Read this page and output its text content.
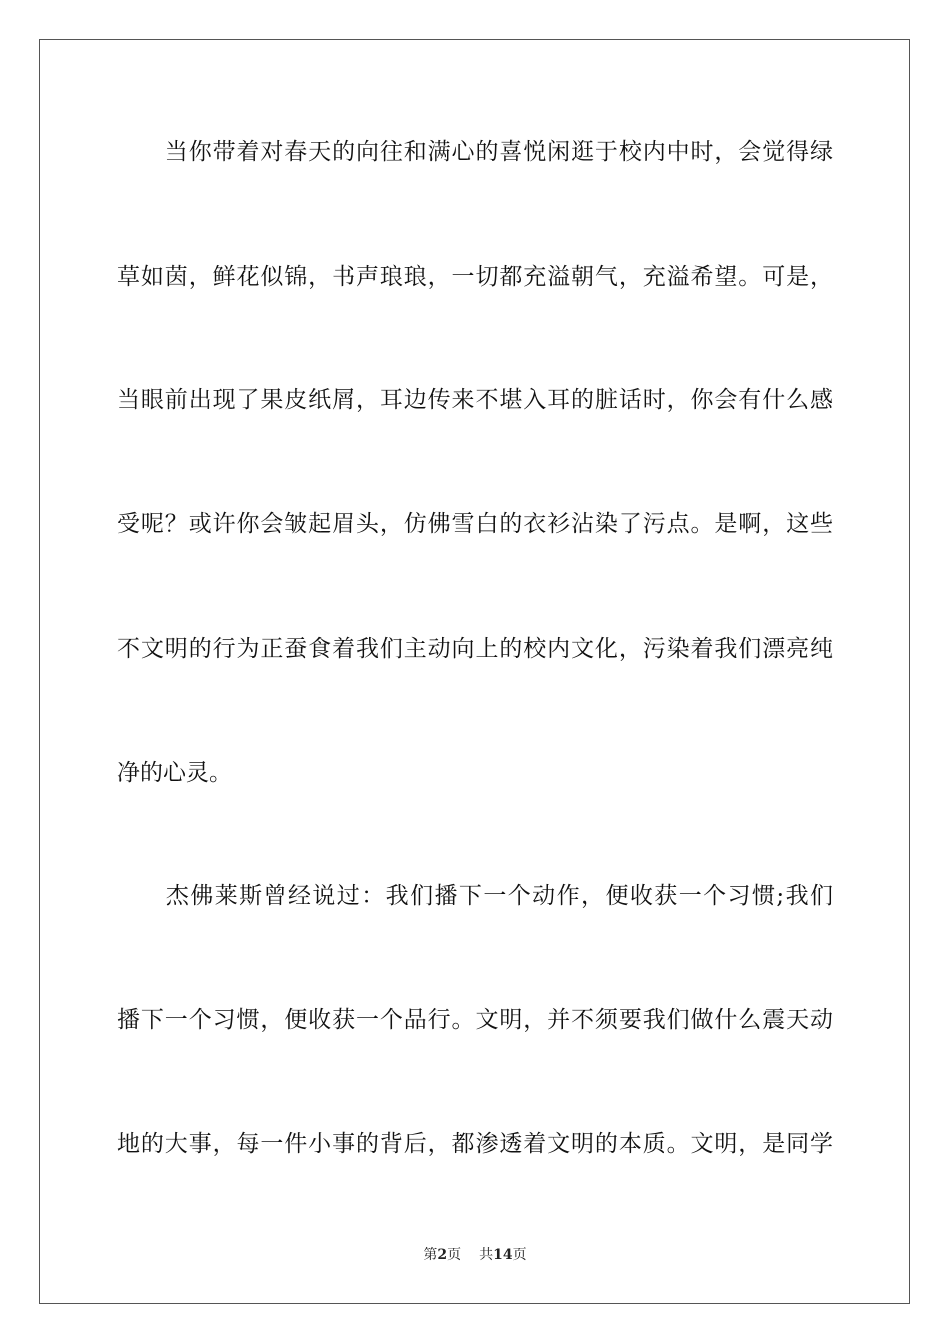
　　当你带着对春天的向往和满心的喜悦闲逛于校内中时，会觉得绿
草如茵，鲜花似锦，书声琅琅，一切都充溢朝气，充溢希望。可是，
当眼前出现了果皮纸屑，耳边传来不堪入耳的脏话时，你会有什么感
受呢？或许你会皱起眉头，仿佛雪白的衣衫沾染了污点。是啊，这些
不文明的行为正蚕食着我们主动向上的校内文化，污染着我们漂亮纯
净的心灵。
　　杰佛莱斯曾经说过：我们播下一个动作，便收获一个习惯;我们
播下一个习惯，便收获一个品行。文明，并不须要我们做什么震天动
地的大事，每一件小事的背后，都渗透着文明的本质。文明，是同学
第2页 共14页
